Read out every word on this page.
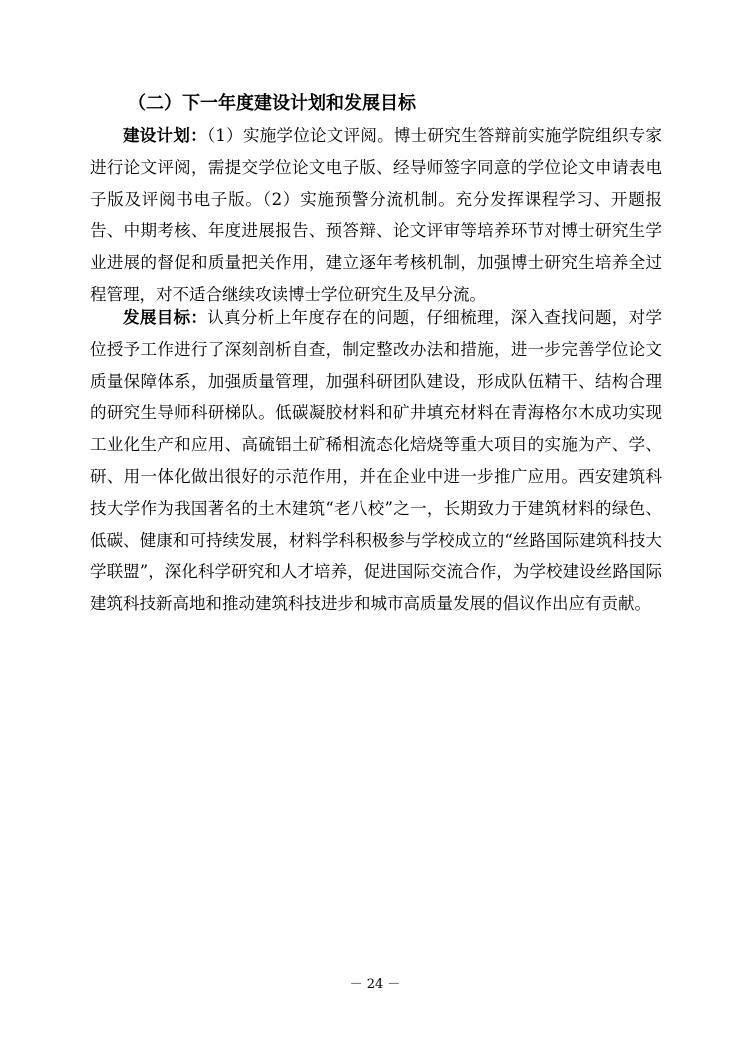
（二）下一年度建设计划和发展目标

建设计划：（1）实施学位论文评阅。博士研究生答辩前实施学院组织专家进行论文评阅，需提交学位论文电子版、经导师签字同意的学位论文申请表电子版及评阅书电子版。（2）实施预警分流机制。充分发挥课程学习、开题报告、中期考核、年度进展报告、预答辩、论文评审等培养环节对博士研究生学业进展的督促和质量把关作用，建立逐年考核机制，加强博士研究生培养全过程管理，对不适合继续攻读博士学位研究生及早分流。

发展目标：认真分析上年度存在的问题，仔细梳理，深入查找问题，对学位授予工作进行了深刻剖析自查，制定整改办法和措施，进一步完善学位论文质量保障体系，加强质量管理，加强科研团队建设，形成队伍精干、结构合理的研究生导师科研梯队。低碳凝胶材料和矿井填充材料在青海格尔木成功实现工业化生产和应用、高硫铝土矿稀相流态化焙烧等重大项目的实施为产、学、研、用一体化做出很好的示范作用，并在企业中进一步推广应用。西安建筑科技大学作为我国著名的土木建筑“老八校”之一，长期致力于建筑材料的绿色、低碳、健康和可持续发展，材料学科积极参与学校成立的“丝路国际建筑科技大学联盟”，深化科学研究和人才培养，促进国际交流合作，为学校建设丝路国际建筑科技新高地和推动建筑科技进步和城市高质量发展的倡议作出应有贡献。

－ 24 －
